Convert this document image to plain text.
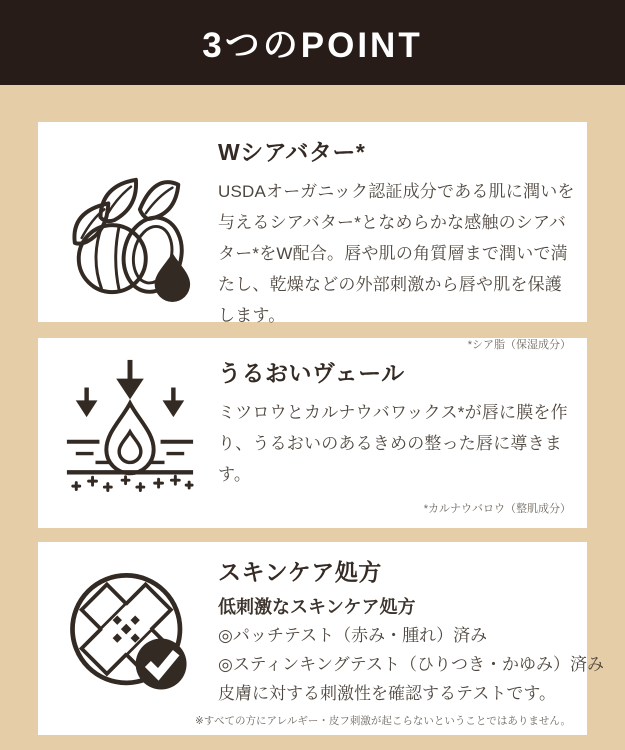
3つのPOINT
Wシアバター*

USDAオーガニック認証成分である肌に潤いを与えるシアバター*となめらかな感触のシアバター*をW配合。唇や肌の角質層まで潤いで満たし、乾燥などの外部刺激から唇や肌を保護します。

*シア脂（保湿成分）
うるおいヴェール

ミツロウとカルナウバワックス*が唇に膜を作り、うるおいのあるきめの整った唇に導きます。

*カルナウバロウ（整肌成分）
スキンケア処方

低刺激なスキンケア処方

◎パッチテスト（赤み・腫れ）済み
◎スティンキングテスト（ひりつき・かゆみ）済み
皮膚に対する刺激性を確認するテストです。
※すべての方にアレルギー・皮フ刺激が起こらないということではありません。
